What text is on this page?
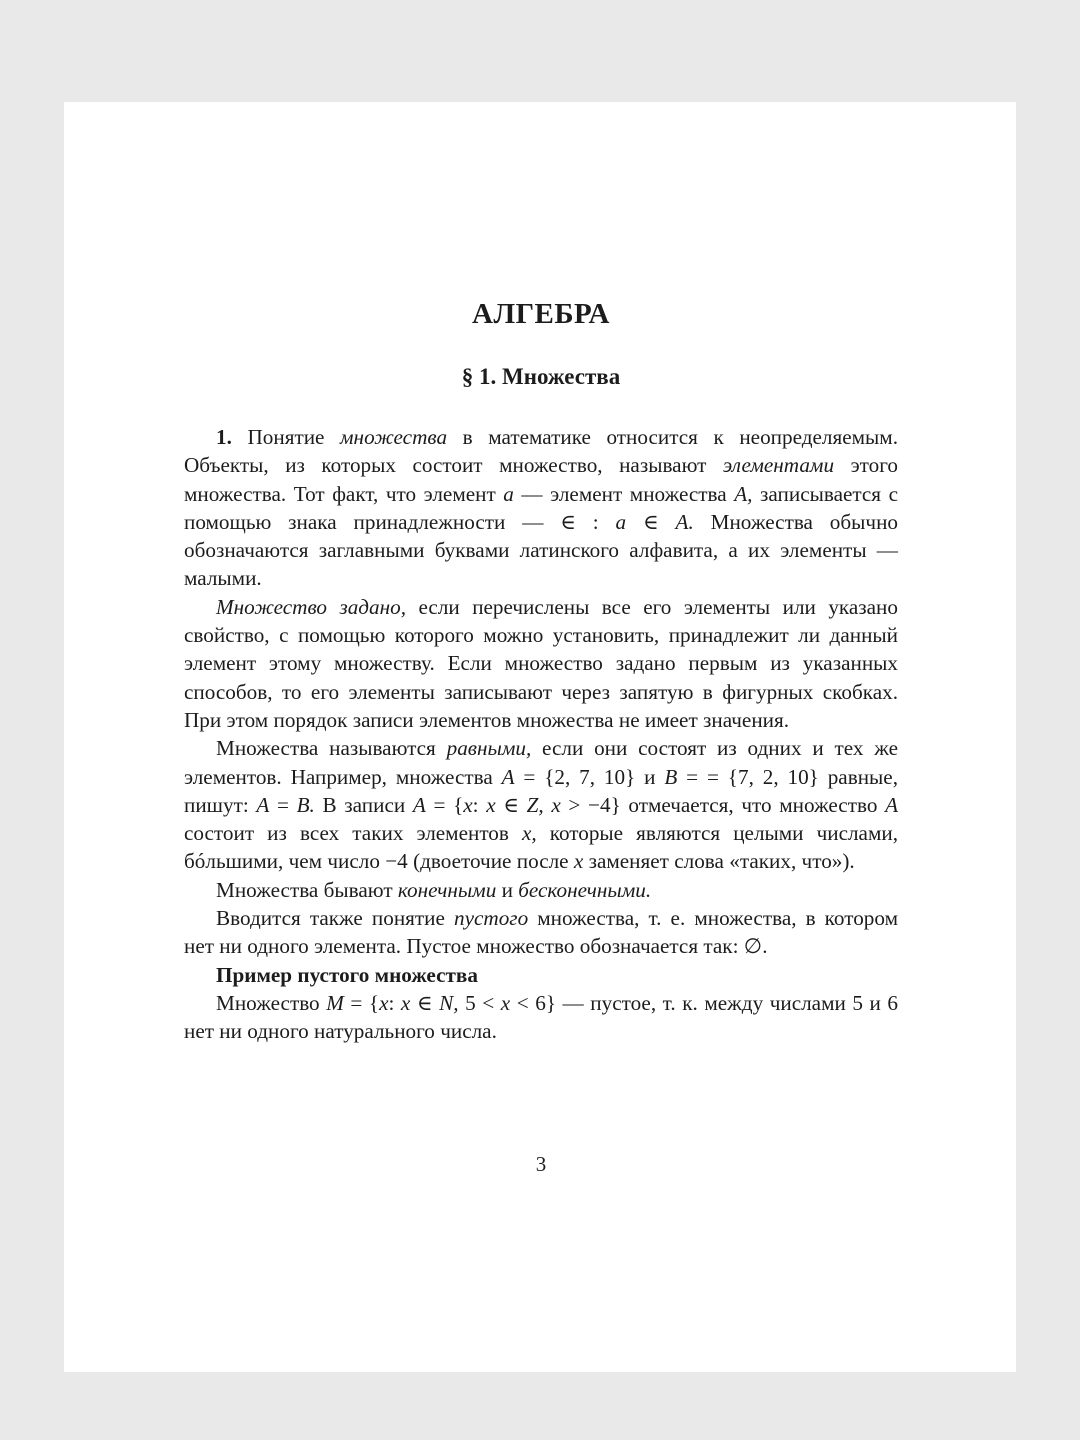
АЛГЕБРА
§ 1. Множества

1. Понятие множества в математике относится к неопределяемым. Объекты, из которых состоит множество, называют элементами этого множества. Тот факт, что элемент a — элемент множества A, записывается с помощью знака принадлежности — ∈ : a ∈ A. Множества обычно обозначаются заглавными буквами латинского алфавита, а их элементы — малыми.

Множество задано, если перечислены все его элементы или указано свойство, с помощью которого можно установить, принадлежит ли данный элемент этому множеству. Если множество задано первым из указанных способов, то его элементы записывают через запятую в фигурных скобках. При этом порядок записи элементов множества не имеет значения.

Множества называются равными, если они состоят из одних и тех же элементов. Например, множества A = {2, 7, 10} и B = = {7, 2, 10} равные, пишут: A = B. В записи A = {x: x ∈ Z, x > −4} отмечается, что множество A состоит из всех таких элементов x, которые являются целыми числами, бóльшими, чем число −4 (двоеточие после x заменяет слова «таких, что»).

Множества бывают конечными и бесконечными.

Вводится также понятие пустого множества, т. е. множества, в котором нет ни одного элемента. Пустое множество обозначается так: ∅.

Пример пустого множества

Множество M = {x: x ∈ N, 5 < x < 6} — пустое, т. к. между числами 5 и 6 нет ни одного натурального числа.

3
